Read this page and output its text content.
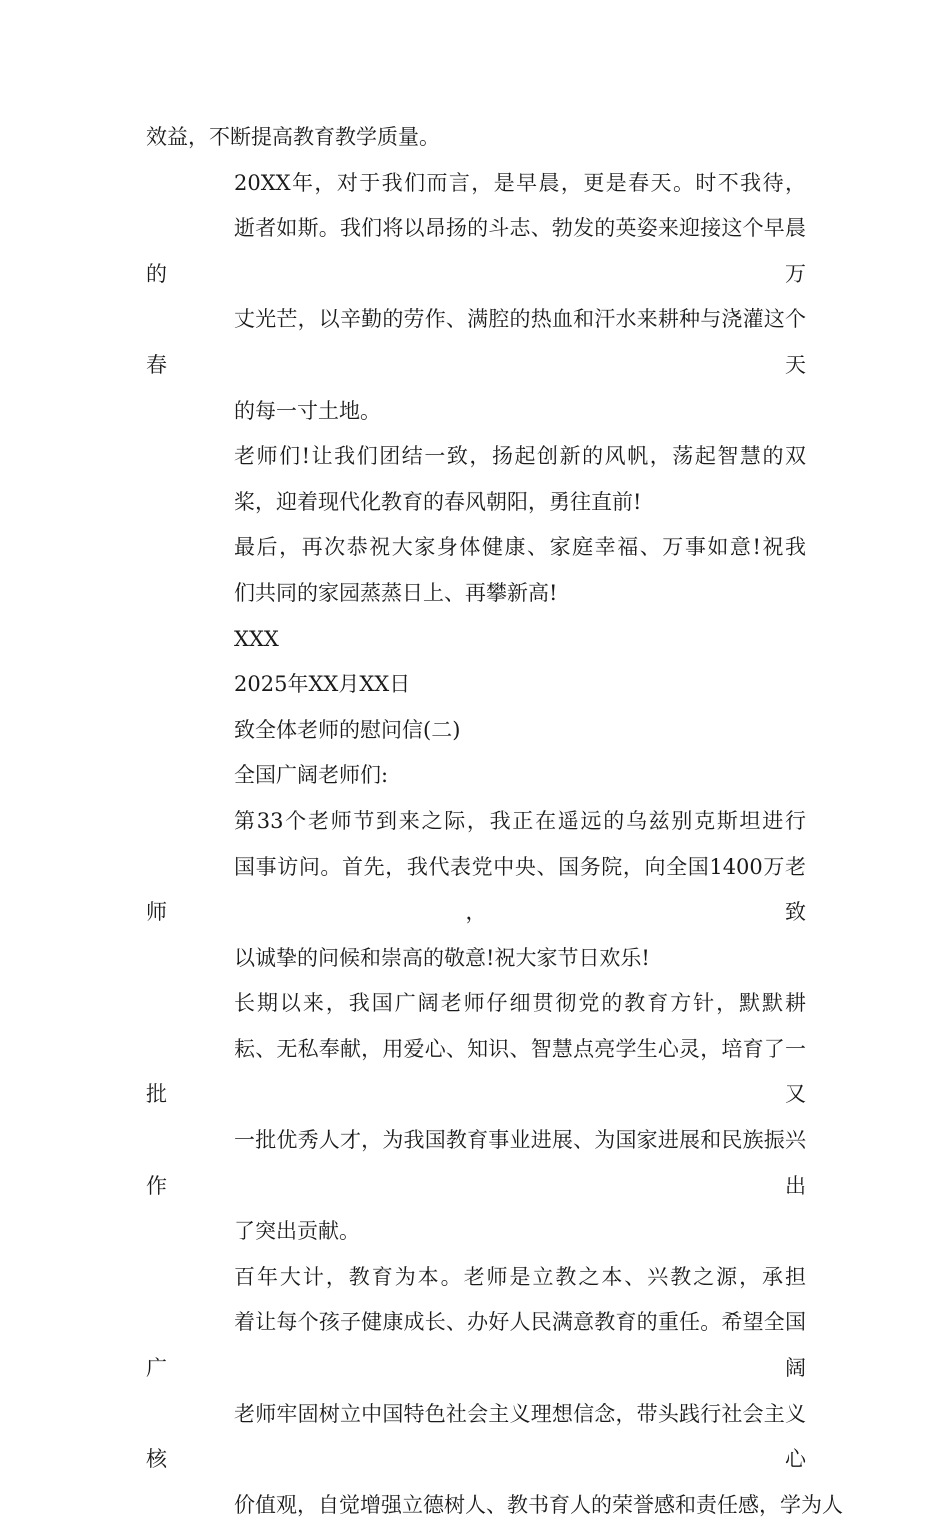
效益，不断提高教育教学质量。

20XX年，对于我们而言，是早晨，更是春天。时不我待，
逝者如斯。我们将以昂扬的斗志、勃发的英姿来迎接这个早晨的万
丈光芒，以辛勤的劳作、满腔的热血和汗水来耕种与浇灌这个春天
的每一寸土地。

老师们!让我们团结一致，扬起创新的风帆，荡起智慧的双
桨，迎着现代化教育的春风朝阳，勇往直前!

最后，再次恭祝大家身体健康、家庭幸福、万事如意!祝我
们共同的家园蒸蒸日上、再攀新高!

XXX

2025年XX月XX日

致全体老师的慰问信(二)

全国广阔老师们:

第33个老师节到来之际，我正在遥远的乌兹别克斯坦进行
国事访问。首先，我代表党中央、国务院，向全国1400万老师，致
以诚挚的问候和崇高的敬意!祝大家节日欢乐!

长期以来，我国广阔老师仔细贯彻党的教育方针，默默耕
耘、无私奉献，用爱心、知识、智慧点亮学生心灵，培育了一批又
一批优秀人才，为我国教育事业进展、为国家进展和民族振兴作出
了突出贡献。

百年大计，教育为本。老师是立教之本、兴教之源，承担
着让每个孩子健康成长、办好人民满意教育的重任。希望全国广阔
老师牢固树立中国特色社会主义理想信念，带头践行社会主义核心
价值观，自觉增强立德树人、教书育人的荣誉感和责任感，学为人
